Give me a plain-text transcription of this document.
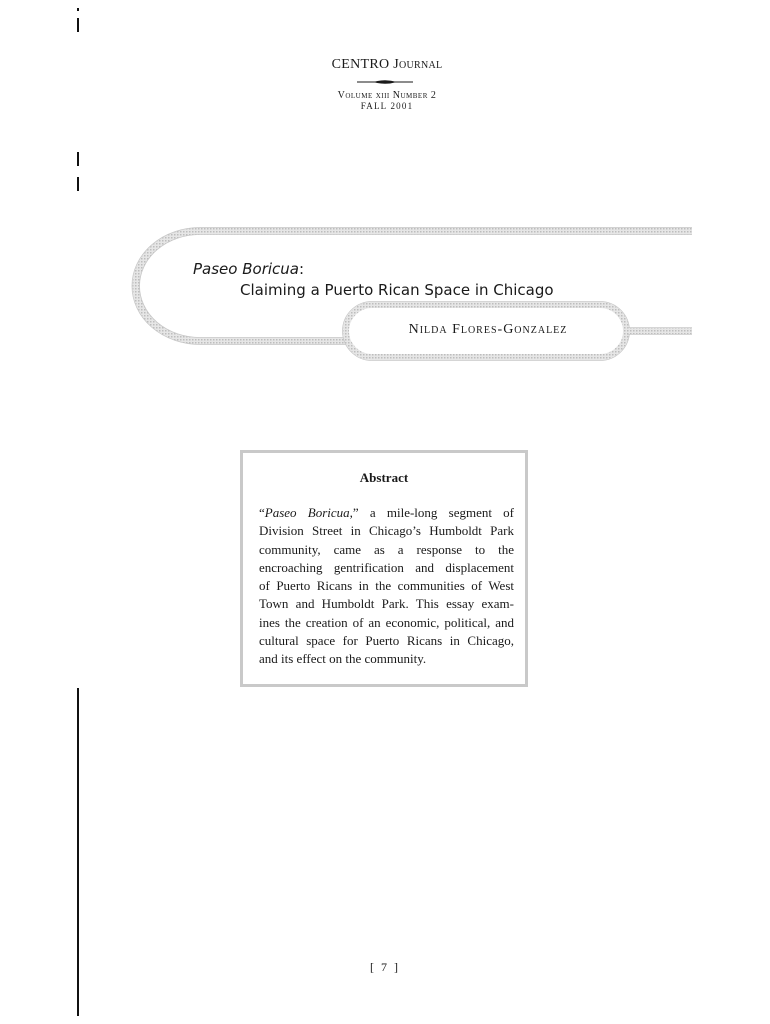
CENTRO Journal
Volume xiii Number 2
FALL 2001
Paseo Boricua:
Claiming a Puerto Rican Space in Chicago
Nilda Flores-Gonzalez
Abstract
“Paseo Boricua,” a mile-long segment of
Division Street in Chicago’s Humboldt Park
community, came as a response to the
encroaching gentrification and displacement
of Puerto Ricans in the communities of West
Town and Humboldt Park. This essay exam-
ines the creation of an economic, political, and
cultural space for Puerto Ricans in Chicago,
and its effect on the community.
[ 7 ]
